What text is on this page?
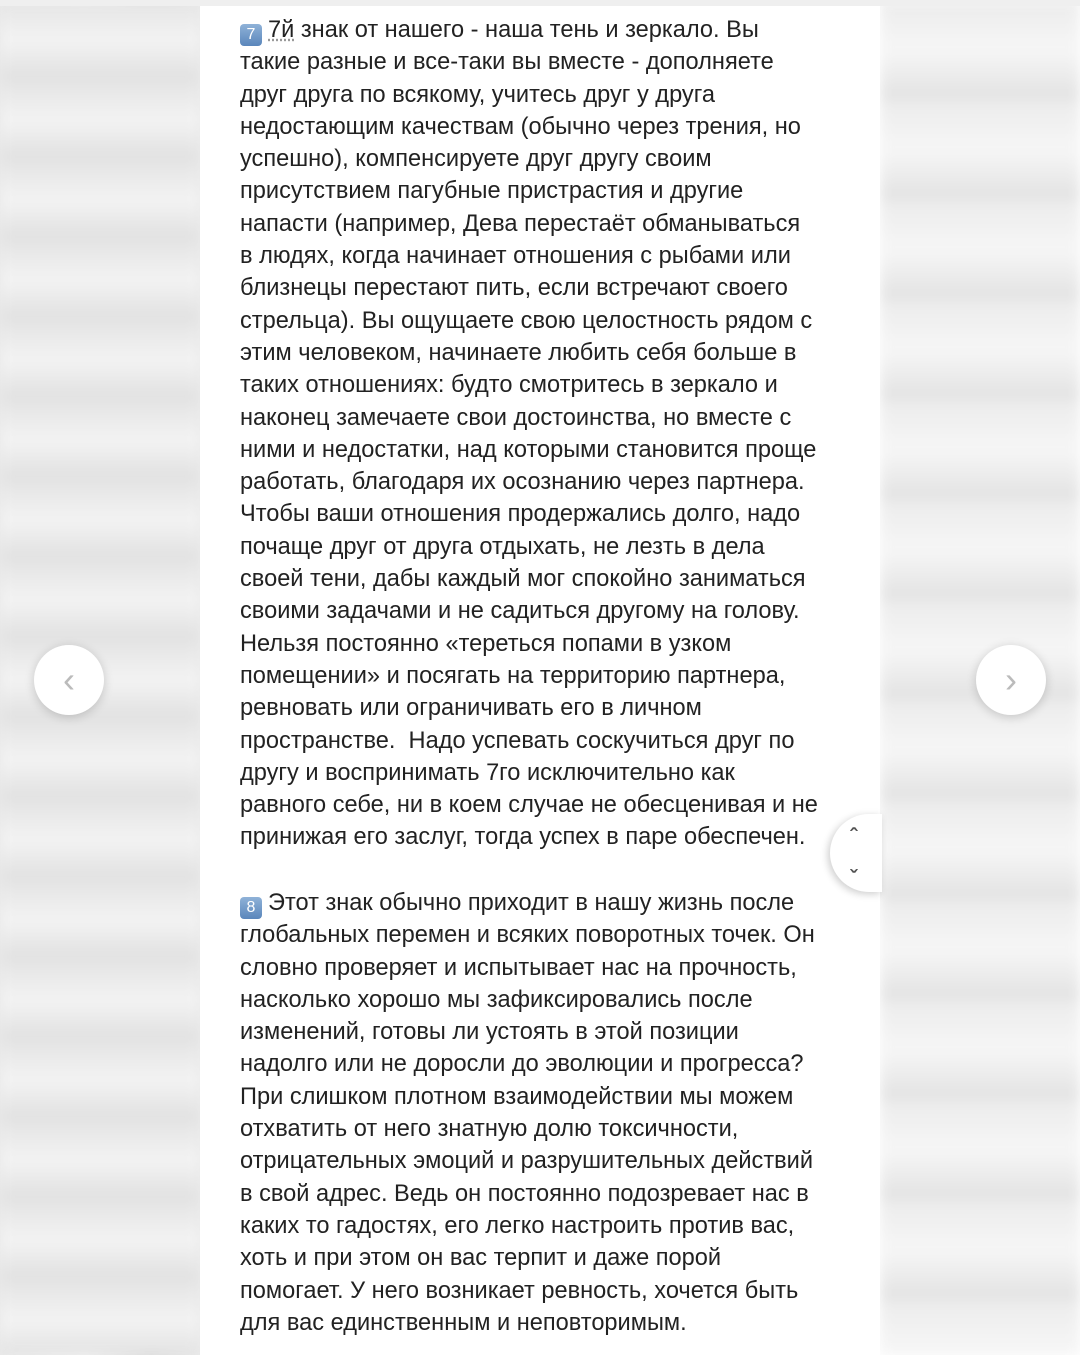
7 7й знак от нашего - наша тень и зеркало. Вы
такие разные и все-таки вы вместе - дополняете
друг друга по всякому, учитесь друг у друга
недостающим качествам (обычно через трения, но
успешно), компенсируете друг другу своим
присутствием пагубные пристрастия и другие
напасти (например, Дева перестаёт обманываться
в людях, когда начинает отношения с рыбами или
близнецы перестают пить, если встречают своего
стрельца). Вы ощущаете свою целостность рядом с
этим человеком, начинаете любить себя больше в
таких отношениях: будто смотритесь в зеркало и
наконец замечаете свои достоинства, но вместе с
ними и недостатки, над которыми становится проще
работать, благодаря их осознанию через партнера.
Чтобы ваши отношения продержались долго, надо
почаще друг от друга отдыхать, не лезть в дела
своей тени, дабы каждый мог спокойно заниматься
своими задачами и не садиться другому на голову.
Нельзя постоянно «тереться попами в узком
помещении» и посягать на территорию партнера,
ревновать или ограничивать его в личном
пространстве.  Надо успевать соскучиться друг по
другу и воспринимать 7го исключительно как
равного себе, ни в коем случае не обесценивая и не
принижая его заслуг, тогда успех в паре обеспечен.
8 Этот знак обычно приходит в нашу жизнь после
глобальных перемен и всяких поворотных точек. Он
словно проверяет и испытывает нас на прочность,
насколько хорошо мы зафиксировались после
изменений, готовы ли устоять в этой позиции
надолго или не доросли до эволюции и прогресса?
При слишком плотном взаимодействии мы можем
отхватить от него знатную долю токсичности,
отрицательных эмоций и разрушительных действий
в свой адрес. Ведь он постоянно подозревает нас в
каких то гадостях, его легко настроить против вас,
хоть и при этом он вас терпит и даже порой
помогает. У него возникает ревность, хочется быть
для вас единственным и неповторимым.
‹	›
ˆ
ˆ
